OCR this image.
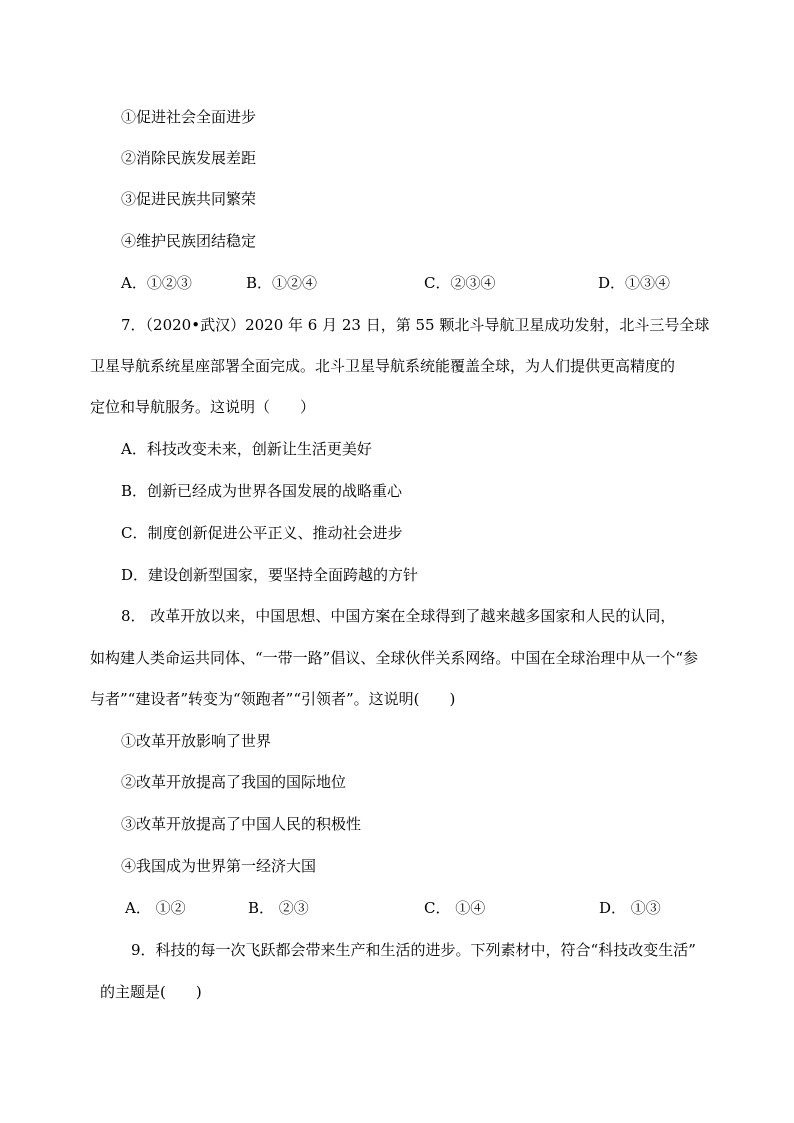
①促进社会全面进步

②消除民族发展差距

③促进民族共同繁荣

④维护民族团结稳定

A．①②③	B．①②④	C．②③④	D．①③④

7．（2020•武汉）2020 年 6 月 23 日，第 55 颗北斗导航卫星成功发射，北斗三号全球

卫星导航系统星座部署全面完成。北斗卫星导航系统能覆盖全球，为人们提供更高精度的

定位和导航服务。这说明（　　）

A．科技改变未来，创新让生活更美好

B．创新已经成为世界各国发展的战略重心

C．制度创新促进公平正义、推动社会进步

D．建设创新型国家，要坚持全面跨越的方针

8． 改革开放以来，中国思想、中国方案在全球得到了越来越多国家和人民的认同，

如构建人类命运共同体、“一带一路”倡议、全球伙伴关系网络。中国在全球治理中从一个“参

与者”“建设者”转变为“领跑者”“引领者”。这说明(　　)

①改革开放影响了世界

②改革开放提高了我国的国际地位

③改革开放提高了中国人民的积极性

④我国成为世界第一经济大国

A． ①②	B． ②③	C． ①④	D． ①③

9．科技的每一次飞跃都会带来生产和生活的进步。下列素材中，符合“科技改变生活”

的主题是(　　)
